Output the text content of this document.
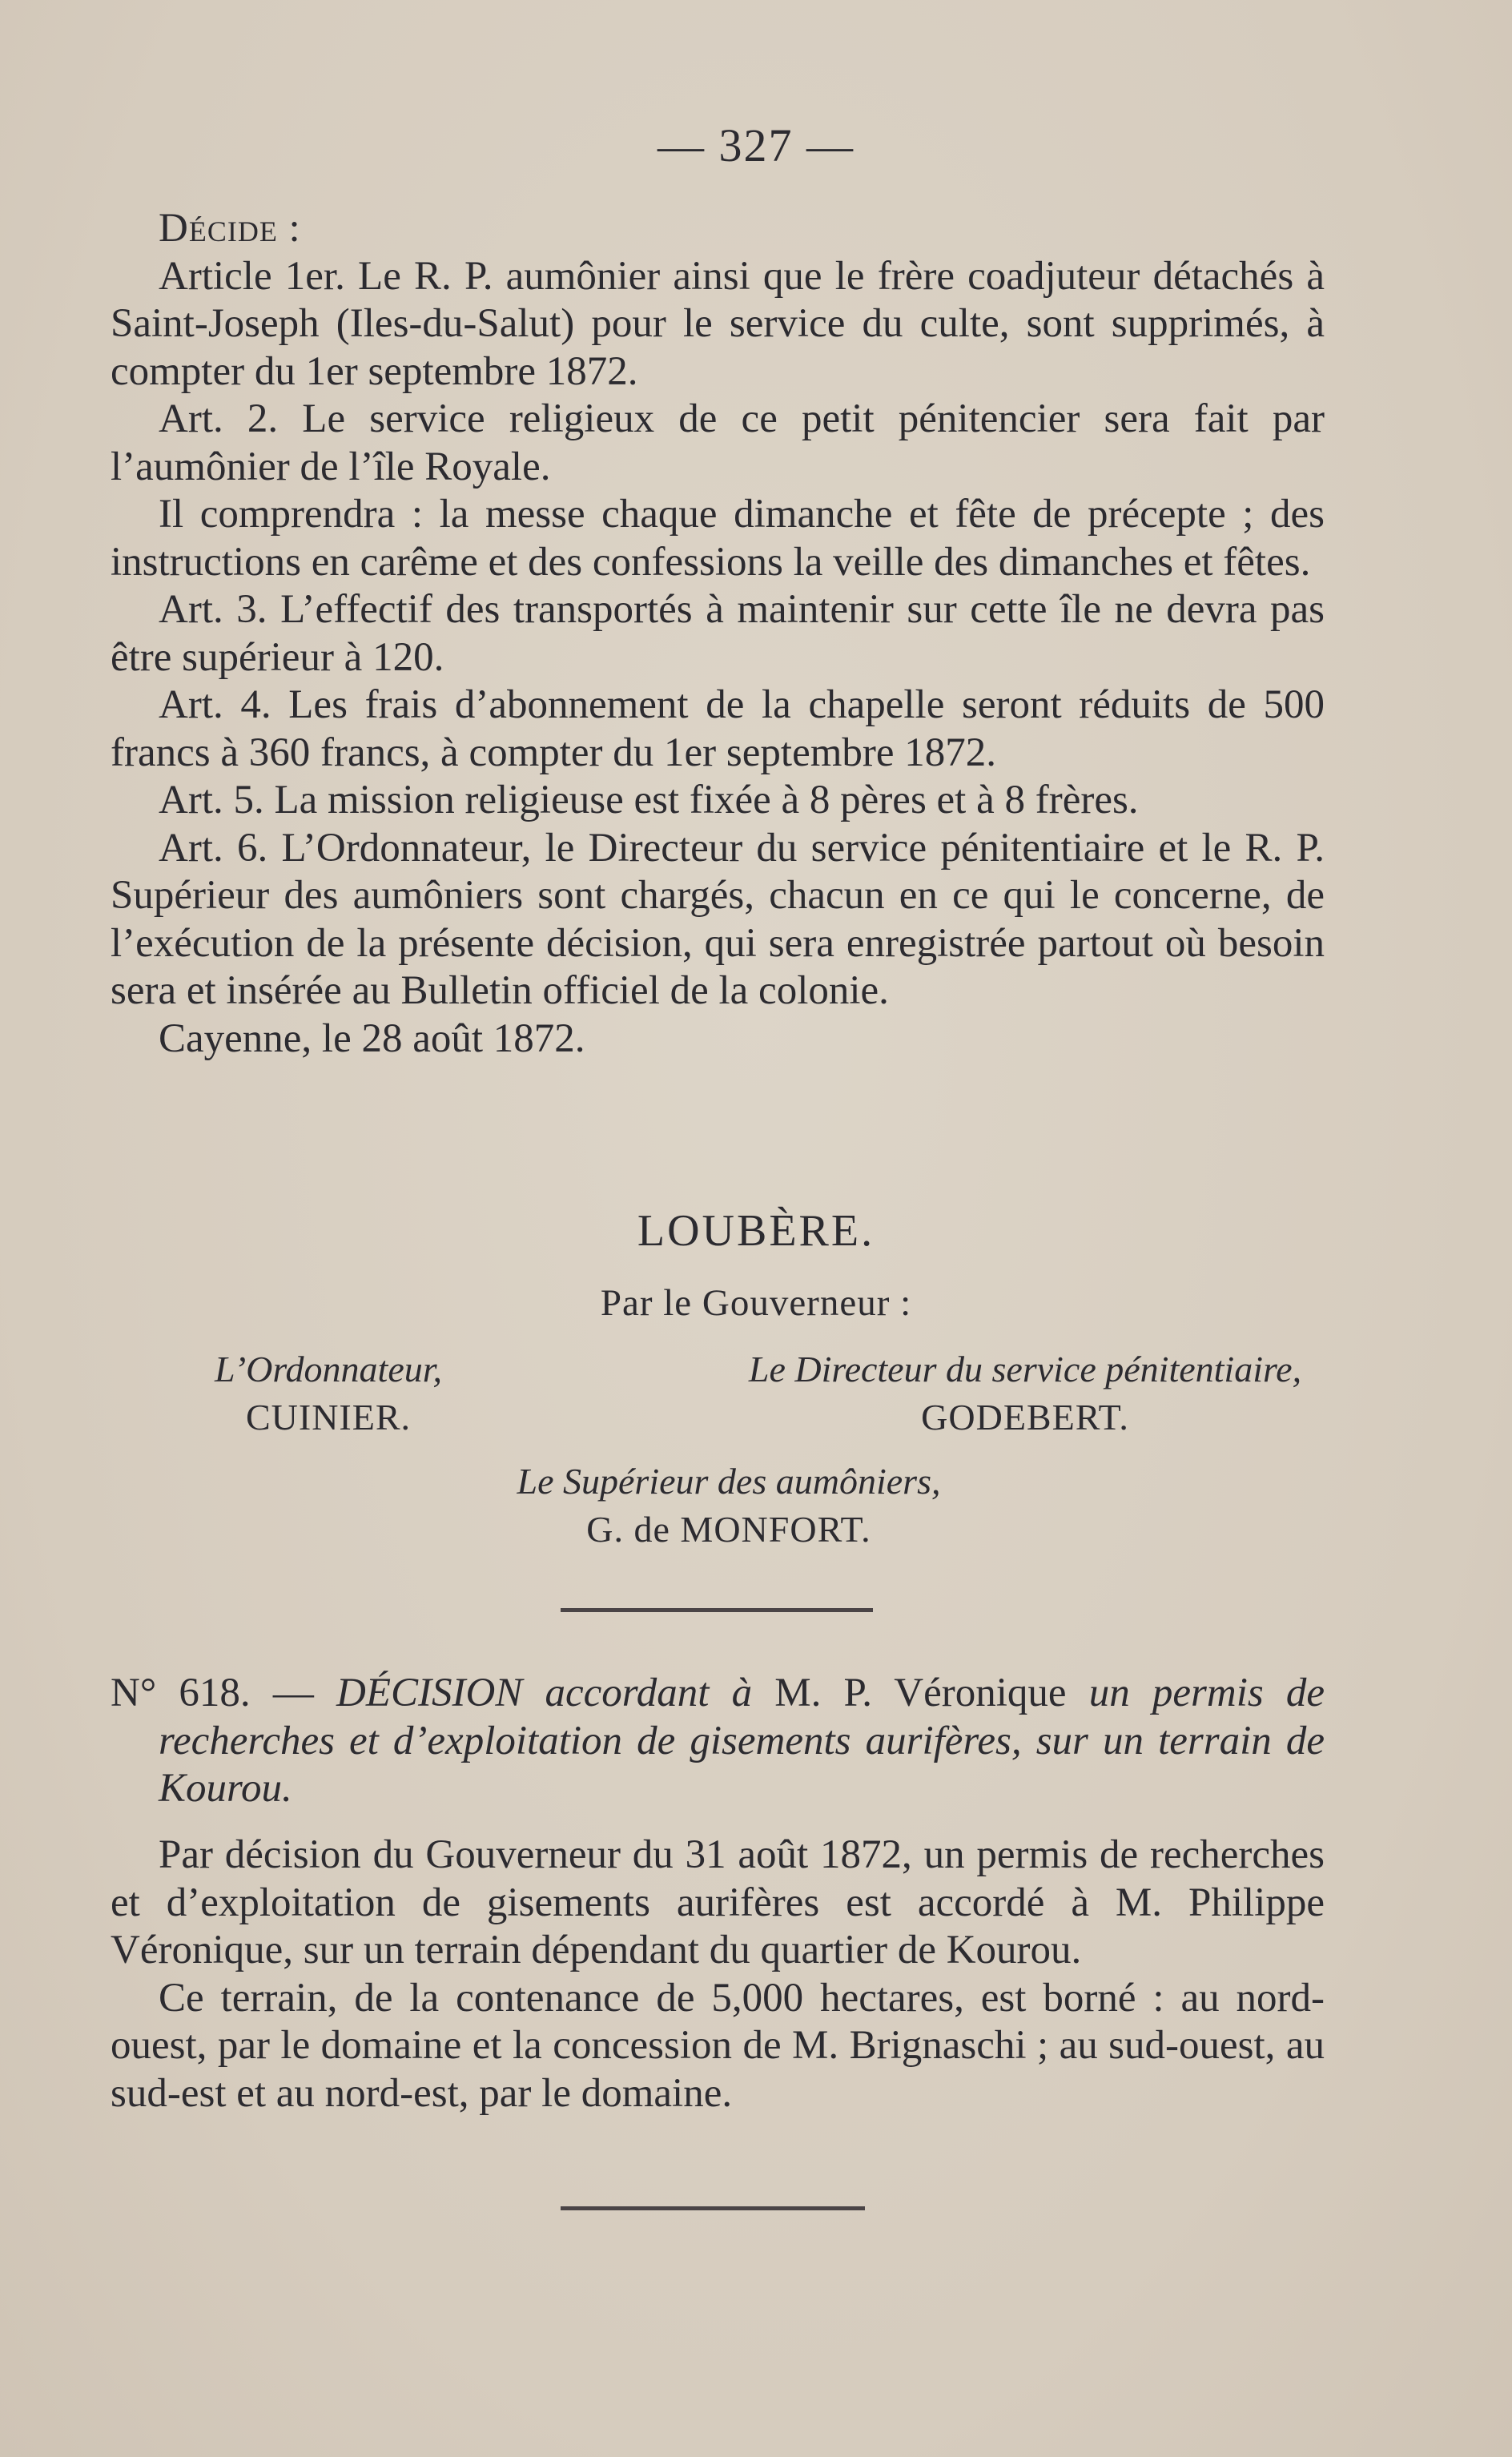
— 327 —

Décide :

Article 1er. Le R. P. aumônier ainsi que le frère coadjuteur détachés à Saint-Joseph (Iles-du-Salut) pour le service du culte, sont supprimés, à compter du 1er septembre 1872.

Art. 2. Le service religieux de ce petit pénitencier sera fait par l’aumônier de l’île Royale.

Il comprendra : la messe chaque dimanche et fête de précepte ; des instructions en carême et des confessions la veille des dimanches et fêtes.

Art. 3. L’effectif des transportés à maintenir sur cette île ne devra pas être supérieur à 120.

Art. 4. Les frais d’abonnement de la chapelle seront réduits de 500 francs à 360 francs, à compter du 1er septembre 1872.

Art. 5. La mission religieuse est fixée à 8 pères et à 8 frères.

Art. 6. L’Ordonnateur, le Directeur du service pénitentiaire et le R. P. Supérieur des aumôniers sont chargés, chacun en ce qui le concerne, de l’exécution de la présente décision, qui sera enregistrée partout où besoin sera et insérée au Bulletin officiel de la colonie.

Cayenne, le 28 août 1872.

LOUBÈRE.
Par le Gouverneur :
L’Ordonnateur,
CUINIER.
Le Directeur du service pénitentiaire,
GODEBERT.
Le Supérieur des aumôniers,
G. de MONFORT.
N° 618. — DÉCISION accordant à M. P. Véronique un permis de recherches et d’exploitation de gisements aurifères, sur un terrain de Kourou.

Par décision du Gouverneur du 31 août 1872, un permis de recherches et d’exploitation de gisements aurifères est accordé à M. Philippe Véronique, sur un terrain dépendant du quartier de Kourou.

Ce terrain, de la contenance de 5,000 hectares, est borné : au nord-ouest, par le domaine et la concession de M. Brignaschi ; au sud-ouest, au sud-est et au nord-est, par le domaine.
